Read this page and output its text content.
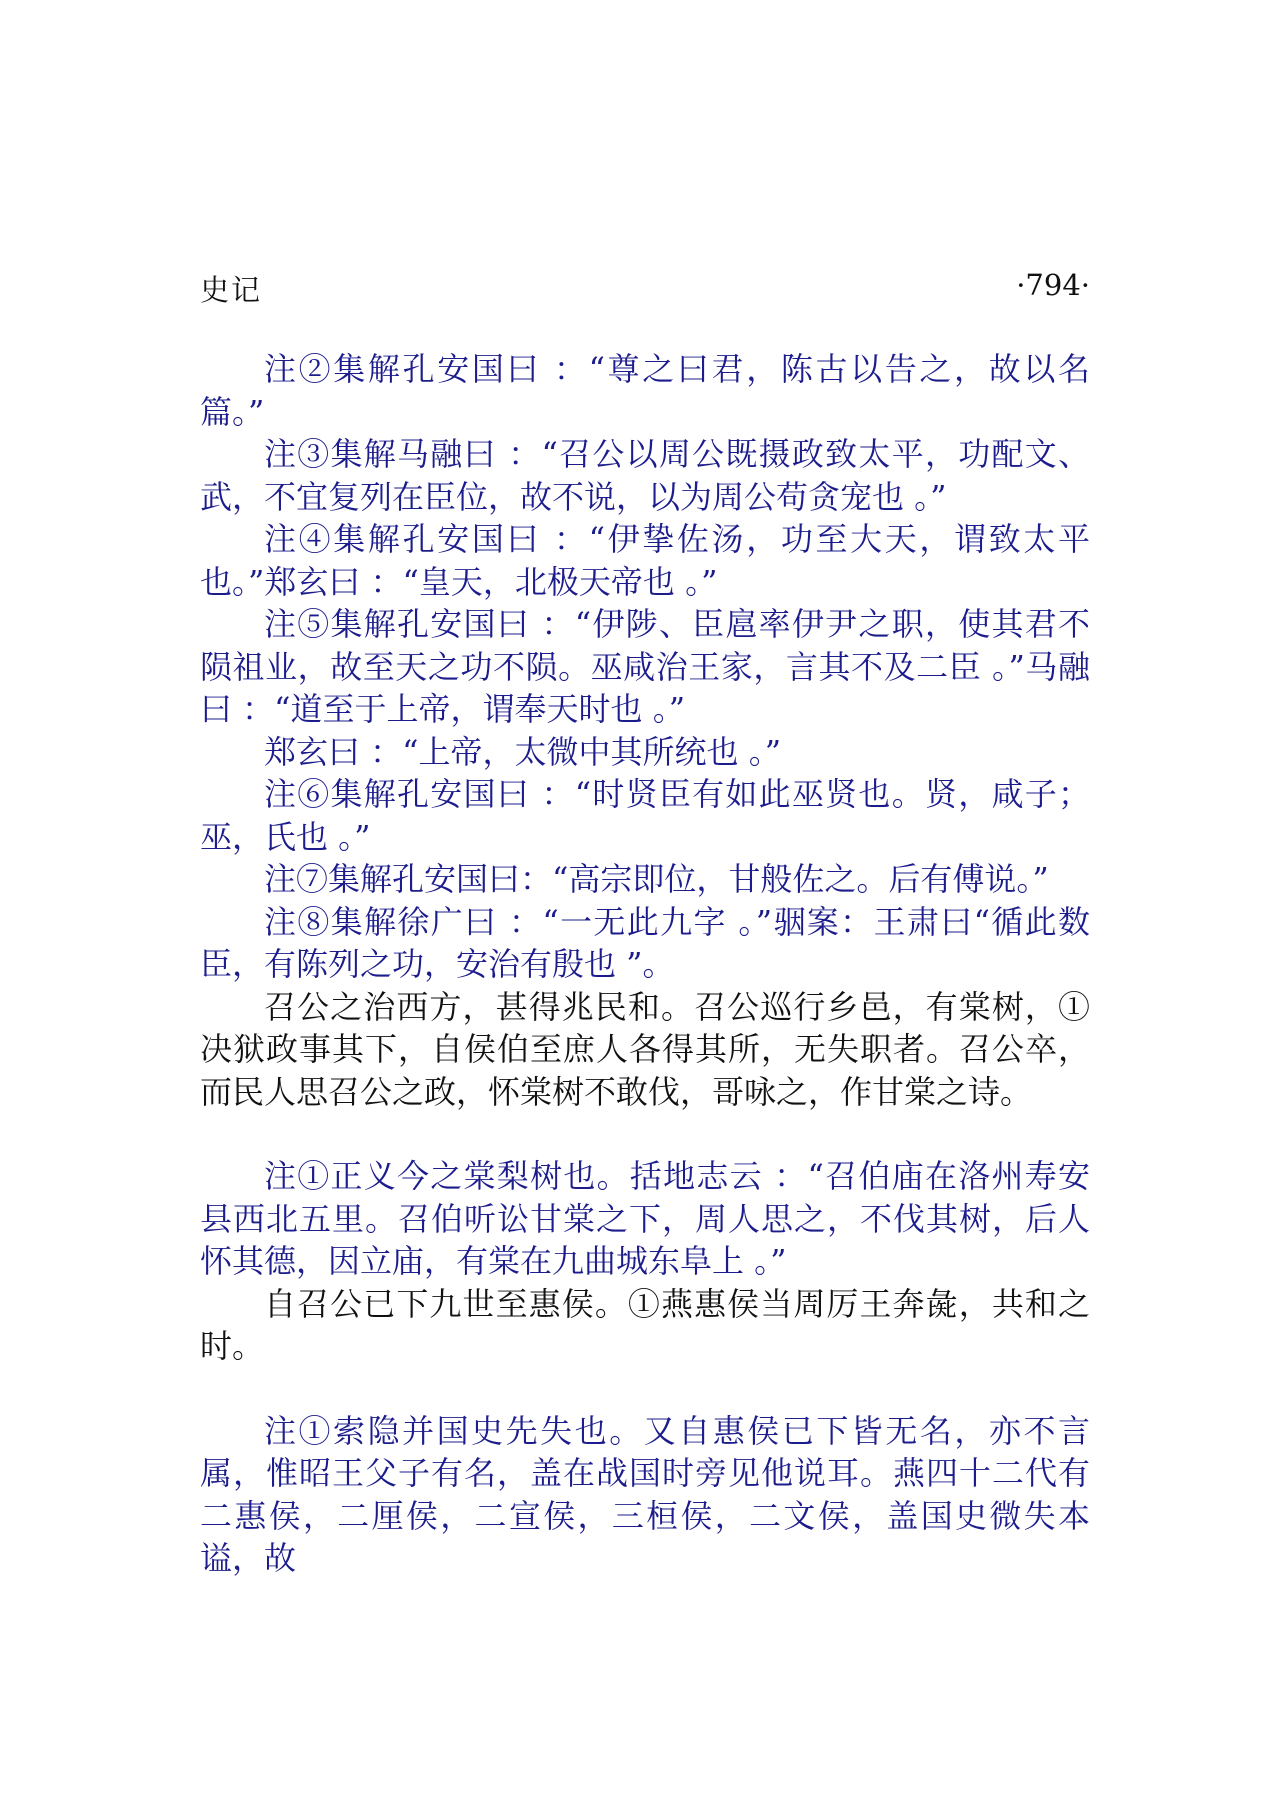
史记	·794·

注②集解孔安国曰 ：“尊之曰君，陈古以告之，故以名篇。”

注③集解马融曰 ：“召公以周公既摄政致太平，功配文、武，不宜复列在臣位，故不说，以为周公苟贪宠也 。”

注④集解孔安国曰 ：“伊挚佐汤，功至大天，谓致太平也。”郑玄曰 ：“皇天，北极天帝也 。”

注⑤集解孔安国曰 ：“伊陟、臣扈率伊尹之职，使其君不陨祖业，故至天之功不陨。巫咸治王家，言其不及二臣 。”马融曰 ：“道至于上帝，谓奉天时也 。”

郑玄曰 ：“上帝，太微中其所统也 。”

注⑥集解孔安国曰 ：“时贤臣有如此巫贤也。贤，咸子；巫，氏也 。”

注⑦集解孔安国曰：“高宗即位，甘般佐之。后有傅说。”

注⑧集解徐广曰 ：“一无此九字 。”骃案：王肃曰“循此数臣，有陈列之功，安治有殷也 ”。

召公之治西方，甚得兆民和。召公巡行乡邑，有棠树，①决狱政事其下，自侯伯至庶人各得其所，无失职者。召公卒，而民人思召公之政，怀棠树不敢伐，哥咏之，作甘棠之诗。

注①正义今之棠梨树也。括地志云 ：“召伯庙在洛州寿安县西北五里。召伯听讼甘棠之下，周人思之，不伐其树，后人怀其德，因立庙，有棠在九曲城东阜上 。”

自召公已下九世至惠侯。①燕惠侯当周厉王奔彘，共和之时。

注①索隐并国史先失也。又自惠侯已下皆无名，亦不言属，惟昭王父子有名，盖在战国时旁见他说耳。燕四十二代有二惠侯，二厘侯，二宣侯，三桓侯，二文侯，盖国史微失本谥，故
